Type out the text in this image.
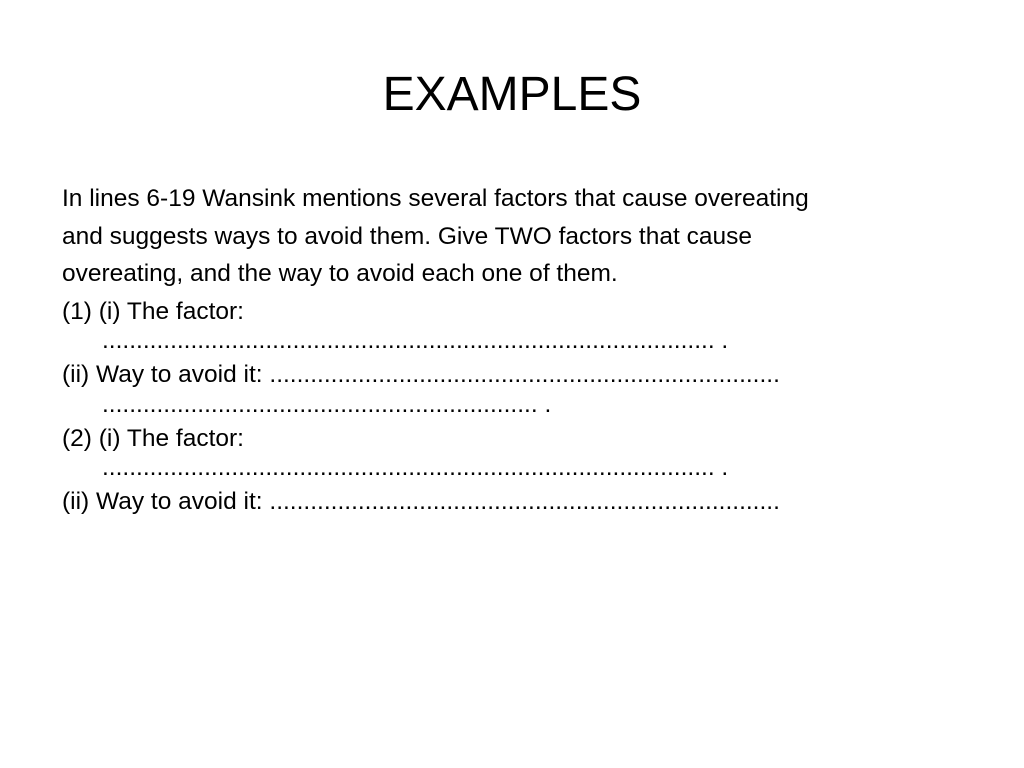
EXAMPLES
In lines 6-19 Wansink mentions several factors that cause overeating
and suggests ways to avoid them. Give TWO factors that cause
overeating, and the way to avoid each one of them.
(1) (i) The factor:
.......................................................................................... .
(ii) Way to avoid it: ...........................................................................
................................................................ .
(2) (i) The factor:
.......................................................................................... .
(ii) Way to avoid it: ...........................................................................
